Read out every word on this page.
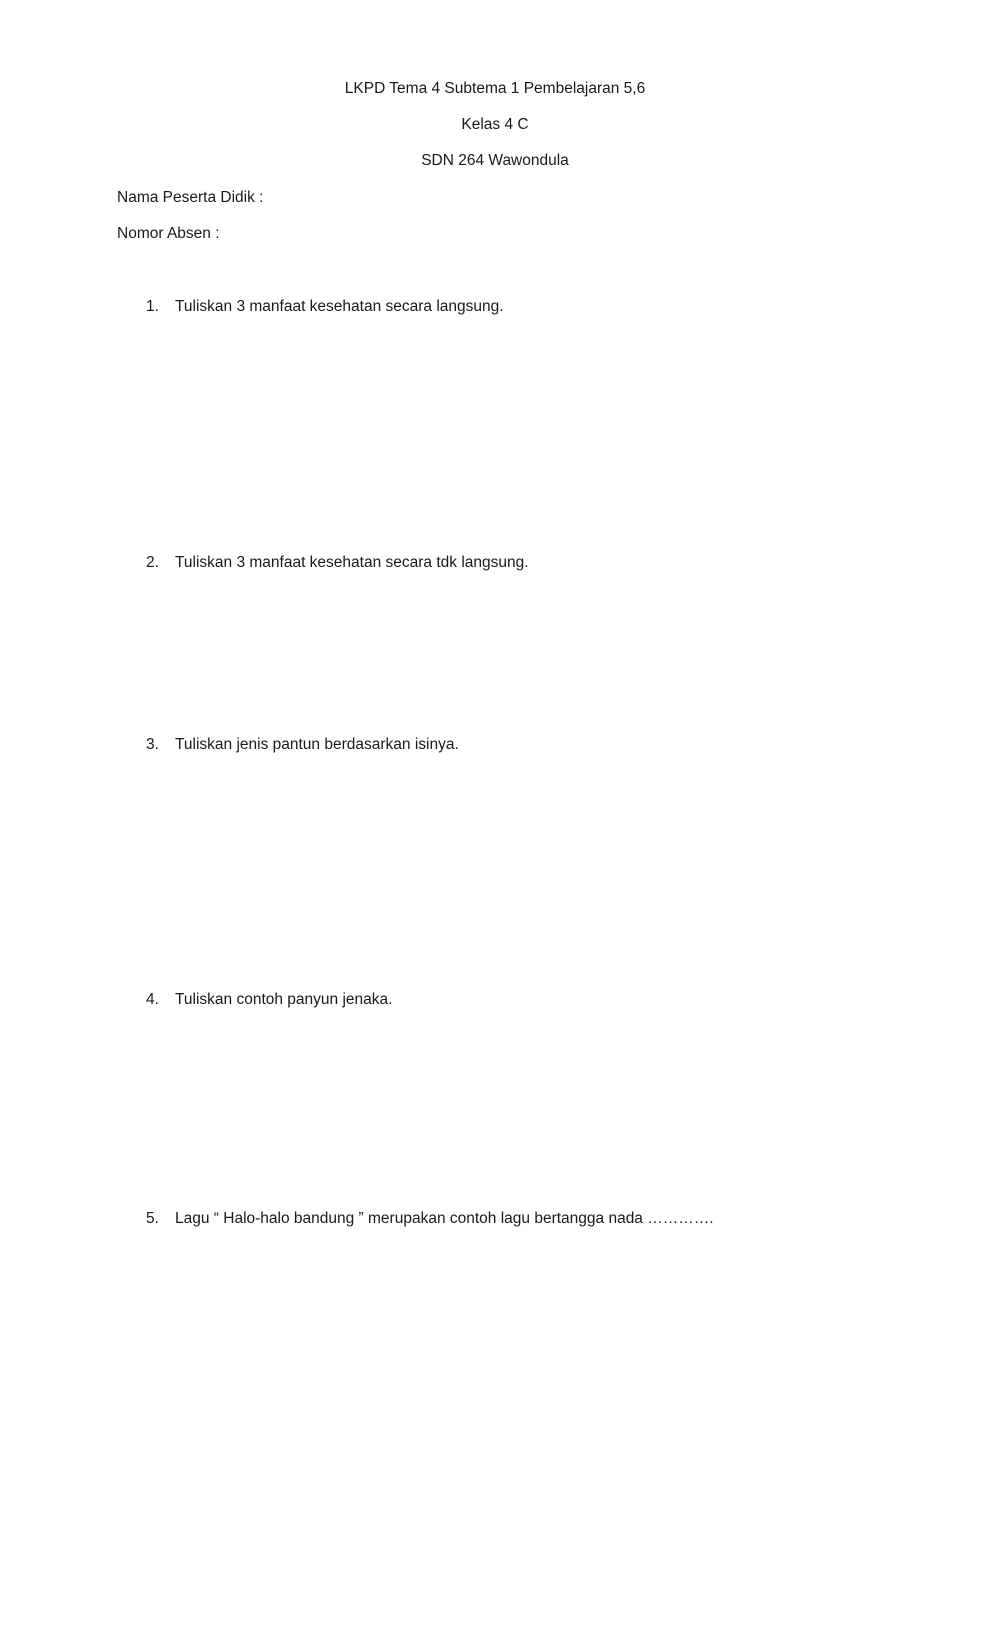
LKPD Tema 4 Subtema 1 Pembelajaran 5,6
Kelas 4 C
SDN 264 Wawondula
Nama Peserta Didik :
Nomor Absen :
1. Tuliskan 3 manfaat kesehatan secara langsung.
2. Tuliskan 3 manfaat kesehatan secara tdk langsung.
3. Tuliskan jenis pantun berdasarkan isinya.
4. Tuliskan contoh panyun jenaka.
5. Lagu “ Halo-halo bandung ” merupakan contoh lagu bertangga nada ………….
